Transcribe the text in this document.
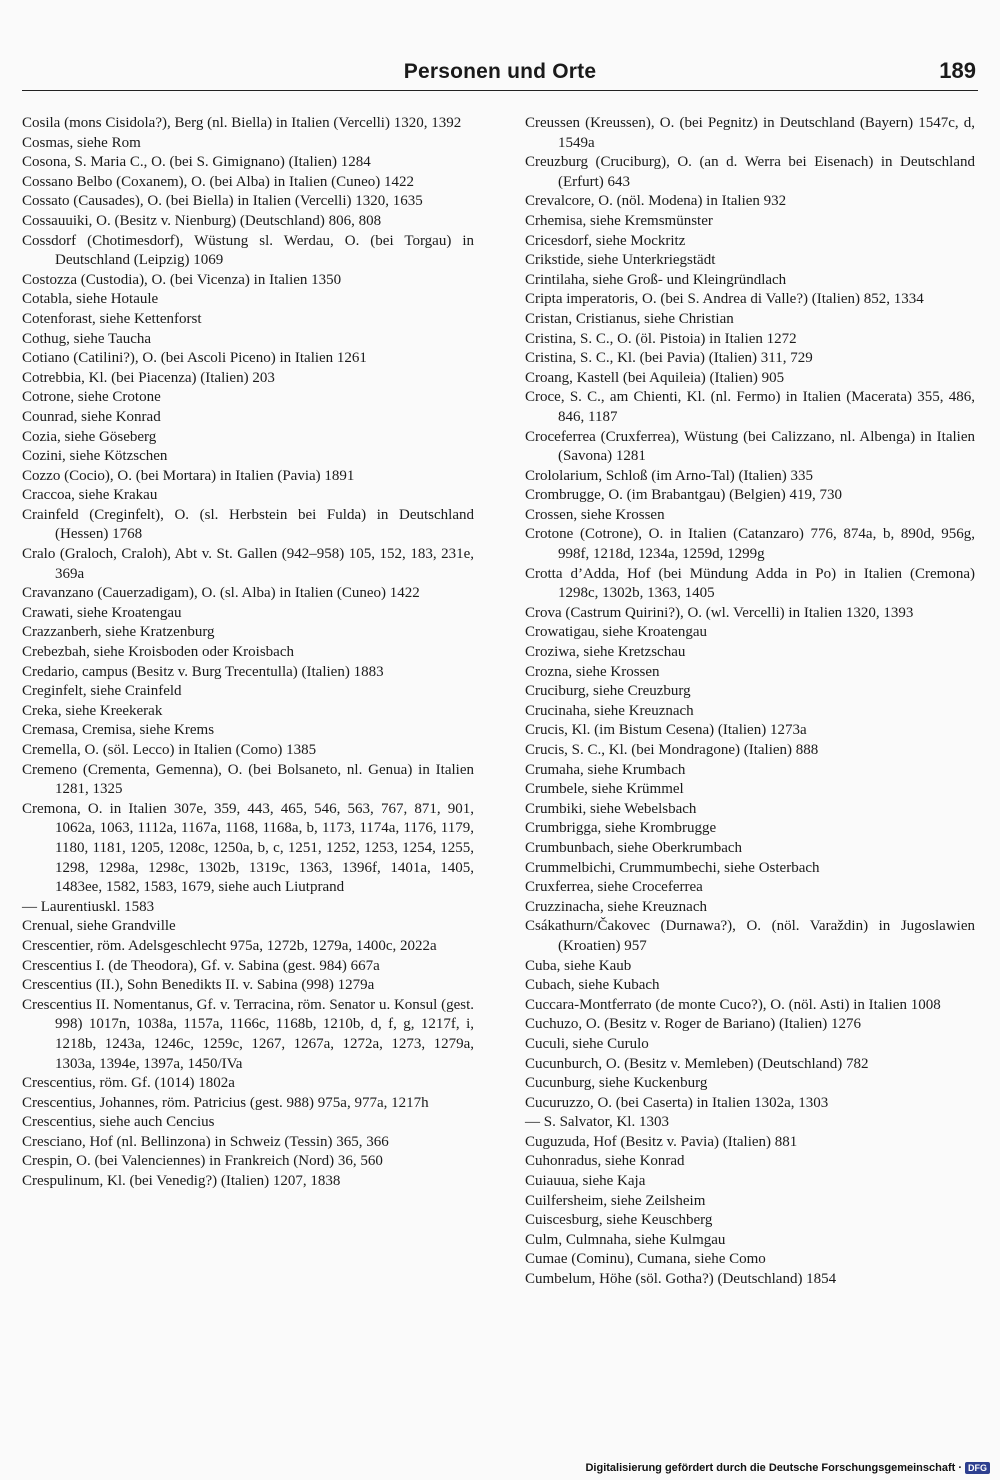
Personen und Orte	189

Cosila (mons Cisidola?), Berg (nl. Biella) in Italien (Vercelli) 1320, 1392

Cosmas, siehe Rom

Cosona, S. Maria C., O. (bei S. Gimignano) (Italien) 1284

Cossano Belbo (Coxanem), O. (bei Alba) in Italien (Cuneo) 1422

Cossato (Causades), O. (bei Biella) in Italien (Vercelli) 1320, 1635

Cossauuiki, O. (Besitz v. Nienburg) (Deutschland) 806, 808

Cossdorf (Chotimesdorf), Wüstung sl. Werdau, O. (bei Torgau) in Deutschland (Leipzig) 1069

Costozza (Custodia), O. (bei Vicenza) in Italien 1350

Cotabla, siehe Hotaule

Cotenforast, siehe Kettenforst

Cothug, siehe Taucha

Cotiano (Catilini?), O. (bei Ascoli Piceno) in Italien 1261

Cotrebbia, Kl. (bei Piacenza) (Italien) 203

Cotrone, siehe Crotone

Counrad, siehe Konrad

Cozia, siehe Göseberg

Cozini, siehe Kötzschen

Cozzo (Cocio), O. (bei Mortara) in Italien (Pavia) 1891

Craccoa, siehe Krakau

Crainfeld (Creginfelt), O. (sl. Herbstein bei Fulda) in Deutschland (Hessen) 1768

Cralo (Graloch, Craloh), Abt v. St. Gallen (942–958) 105, 152, 183, 231e, 369a

Cravanzano (Cauerzadigam), O. (sl. Alba) in Italien (Cuneo) 1422

Crawati, siehe Kroatengau

Crazzanberh, siehe Kratzenburg

Crebezbah, siehe Kroisboden oder Kroisbach

Credario, campus (Besitz v. Burg Trecentulla) (Italien) 1883

Creginfelt, siehe Crainfeld

Creka, siehe Kreekerak

Cremasa, Cremisa, siehe Krems

Cremella, O. (söl. Lecco) in Italien (Como) 1385

Cremeno (Crementa, Gemenna), O. (bei Bolsaneto, nl. Genua) in Italien 1281, 1325

Cremona, O. in Italien 307e, 359, 443, 465, 546, 563, 767, 871, 901, 1062a, 1063, 1112a, 1167a, 1168, 1168a, b, 1173, 1174a, 1176, 1179, 1180, 1181, 1205, 1208c, 1250a, b, c, 1251, 1252, 1253, 1254, 1255, 1298, 1298a, 1298c, 1302b, 1319c, 1363, 1396f, 1401a, 1405, 1483ee, 1582, 1583, 1679, siehe auch Liutprand

— Laurentiuskl. 1583

Crenual, siehe Grandville

Crescentier, röm. Adelsgeschlecht 975a, 1272b, 1279a, 1400c, 2022a

Crescentius I. (de Theodora), Gf. v. Sabina (gest. 984) 667a

Crescentius (II.), Sohn Benedikts II. v. Sabina (998) 1279a

Crescentius II. Nomentanus, Gf. v. Terracina, röm. Senator u. Konsul (gest. 998) 1017n, 1038a, 1157a, 1166c, 1168b, 1210b, d, f, g, 1217f, i, 1218b, 1243a, 1246c, 1259c, 1267, 1267a, 1272a, 1273, 1279a, 1303a, 1394e, 1397a, 1450/IVa

Crescentius, röm. Gf. (1014) 1802a

Crescentius, Johannes, röm. Patricius (gest. 988) 975a, 977a, 1217h

Crescentius, siehe auch Cencius

Cresciano, Hof (nl. Bellinzona) in Schweiz (Tessin) 365, 366

Crespin, O. (bei Valenciennes) in Frankreich (Nord) 36, 560

Crespulinum, Kl. (bei Venedig?) (Italien) 1207, 1838

Creussen (Kreussen), O. (bei Pegnitz) in Deutschland (Bayern) 1547c, d, 1549a

Creuzburg (Cruciburg), O. (an d. Werra bei Eisenach) in Deutschland (Erfurt) 643

Crevalcore, O. (nöl. Modena) in Italien 932

Crhemisa, siehe Kremsmünster

Cricesdorf, siehe Mockritz

Crikstide, siehe Unterkriegstädt

Crintilaha, siehe Groß- und Kleingründlach

Cripta imperatoris, O. (bei S. Andrea di Valle?) (Italien) 852, 1334

Cristan, Cristianus, siehe Christian

Cristina, S. C., O. (öl. Pistoia) in Italien 1272

Cristina, S. C., Kl. (bei Pavia) (Italien) 311, 729

Croang, Kastell (bei Aquileia) (Italien) 905

Croce, S. C., am Chienti, Kl. (nl. Fermo) in Italien (Macerata) 355, 486, 846, 1187

Croceferrea (Cruxferrea), Wüstung (bei Calizzano, nl. Albenga) in Italien (Savona) 1281

Crololarium, Schloß (im Arno-Tal) (Italien) 335

Crombrugge, O. (im Brabantgau) (Belgien) 419, 730

Crossen, siehe Krossen

Crotone (Cotrone), O. in Italien (Catanzaro) 776, 874a, b, 890d, 956g, 998f, 1218d, 1234a, 1259d, 1299g

Crotta d’Adda, Hof (bei Mündung Adda in Po) in Italien (Cremona) 1298c, 1302b, 1363, 1405

Crova (Castrum Quirini?), O. (wl. Vercelli) in Italien 1320, 1393

Crowatigau, siehe Kroatengau

Croziwa, siehe Kretzschau

Crozna, siehe Krossen

Cruciburg, siehe Creuzburg

Crucinaha, siehe Kreuznach

Crucis, Kl. (im Bistum Cesena) (Italien) 1273a

Crucis, S. C., Kl. (bei Mondragone) (Italien) 888

Crumaha, siehe Krumbach

Crumbele, siehe Krümmel

Crumbiki, siehe Webelsbach

Crumbrigga, siehe Krombrugge

Crumbunbach, siehe Oberkrumbach

Crummelbichi, Crummumbechi, siehe Osterbach

Cruxferrea, siehe Croceferrea

Cruzzinacha, siehe Kreuznach

Csákathurn/Čakovec (Durnawa?), O. (nöl. Varaždin) in Jugoslawien (Kroatien) 957

Cuba, siehe Kaub

Cubach, siehe Kubach

Cuccara-Montferrato (de monte Cuco?), O. (nöl. Asti) in Italien 1008

Cuchuzo, O. (Besitz v. Roger de Bariano) (Italien) 1276

Cuculi, siehe Curulo

Cucunburch, O. (Besitz v. Memleben) (Deutschland) 782

Cucunburg, siehe Kuckenburg

Cucuruzzo, O. (bei Caserta) in Italien 1302a, 1303

— S. Salvator, Kl. 1303

Cuguzuda, Hof (Besitz v. Pavia) (Italien) 881

Cuhonradus, siehe Konrad

Cuiauua, siehe Kaja

Cuilfersheim, siehe Zeilsheim

Cuiscesburg, siehe Keuschberg

Culm, Culmnaha, siehe Kulmgau

Cumae (Cominu), Cumana, siehe Como

Cumbelum, Höhe (söl. Gotha?) (Deutschland) 1854

Digitalisierung gefördert durch die Deutsche Forschungsgemeinschaft · DFG
